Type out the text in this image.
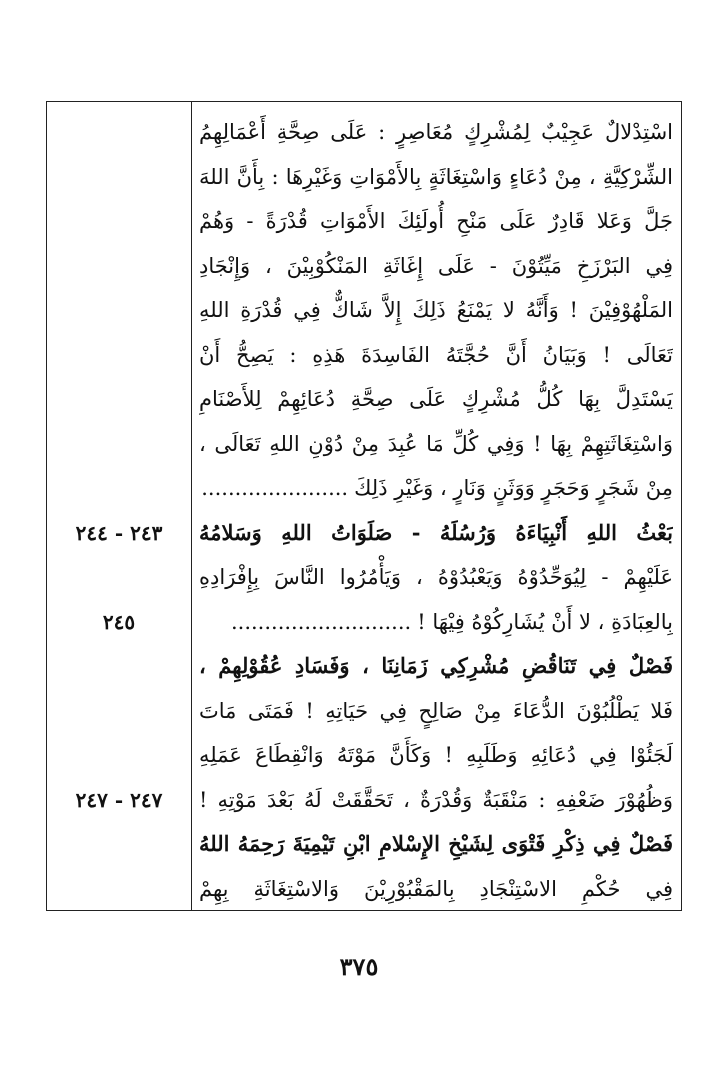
٢٤٣ - ٢٤٤
٢٤٥
٢٤٧ - ٢٤٧
اسْتِدْلالٌ عَجِيْبٌ لِمُشْرِكٍ مُعَاصِرٍ : عَلَى صِحَّةِ أَعْمَالِهِمُ
الشِّرْكِيَّةِ ، مِنْ دُعَاءٍ وَاسْتِغَاثَةٍ بِالأَمْوَاتِ وَغَيْرِهَا : بِأَنَّ اللهَ
جَلَّ وَعَلا قَادِرٌ عَلَى مَنْحِ أُولَئِكَ الأَمْوَاتِ قُدْرَةً - وَهُمْ
فِي البَرْزَخِ مَيِّتُوْنَ - عَلَى إِغَاثَةِ المَنْكُوْبِيْنَ ، وَإِنْجَادِ
المَلْهُوْفِيْنَ ! وَأَنَّهُ لا يَمْنَعُ ذَلِكَ إِلاَّ شَاكٌّ فِي قُدْرَةِ اللهِ
تَعَالَى ! وَبَيَانُ أَنَّ حُجَّتَهُ الفَاسِدَةَ هَذِهِ : يَصِحُّ أَنْ
يَسْتَدِلَّ بِهَا كُلُّ مُشْرِكٍ عَلَى صِحَّةِ دُعَائِهِمْ لِلأَصْنَامِ
وَاسْتِغَاثَتِهِمْ بِهَا ! وَفِي كُلِّ مَا عُبِدَ مِنْ دُوْنِ اللهِ تَعَالَى ،
مِنْ شَجَرٍ وَحَجَرٍ وَوَثَنٍ وَنَارٍ ، وَغَيْرِ ذَلِكَ......................
بَعْثُ اللهِ أَنْبِيَاءَهُ وَرُسُلَهُ - صَلَوَاتُ اللهِ وَسَلامُهُ
عَلَيْهِمْ - لِيُوَحِّدُوْهُ وَيَعْبُدُوْهُ ، وَيَأْمُرُوا النَّاسَ بِإِفْرَادِهِ
بِالعِبَادَةِ ، لا أَنْ يُشَارِكُوْهُ فِيْهَا !...........................
فَصْلٌ فِي تَنَاقُضِ مُشْرِكِي زَمَانِنَا ، وَفَسَادِ عُقُوْلِهِمْ ،
فَلا يَطْلُبُوْنَ الدُّعَاءَ مِنْ صَالِحٍ فِي حَيَاتِهِ ! فَمَتَى مَاتَ
لَجَئُوْا فِي دُعَائِهِ وَطَلَبِهِ ! وَكَأَنَّ مَوْتَهُ وَانْقِطَاعَ عَمَلِهِ
وَظُهُوْرَ ضَعْفِهِ : مَنْقَبَةٌ وَقُدْرَةٌ ، تَحَقَّقَتْ لَهُ بَعْدَ مَوْتِهِ !
فَصْلٌ فِي ذِكْرِ فَتْوَى لِشَيْخِ الإِسْلامِ ابْنِ تَيْمِيَةَ رَحِمَهُ اللهُ
فِي حُكْمِ الاسْتِنْجَادِ بِالمَقْبُوْرِيْنَ وَالاسْتِغَاثَةِ بِهِمْ
٣٧٥
